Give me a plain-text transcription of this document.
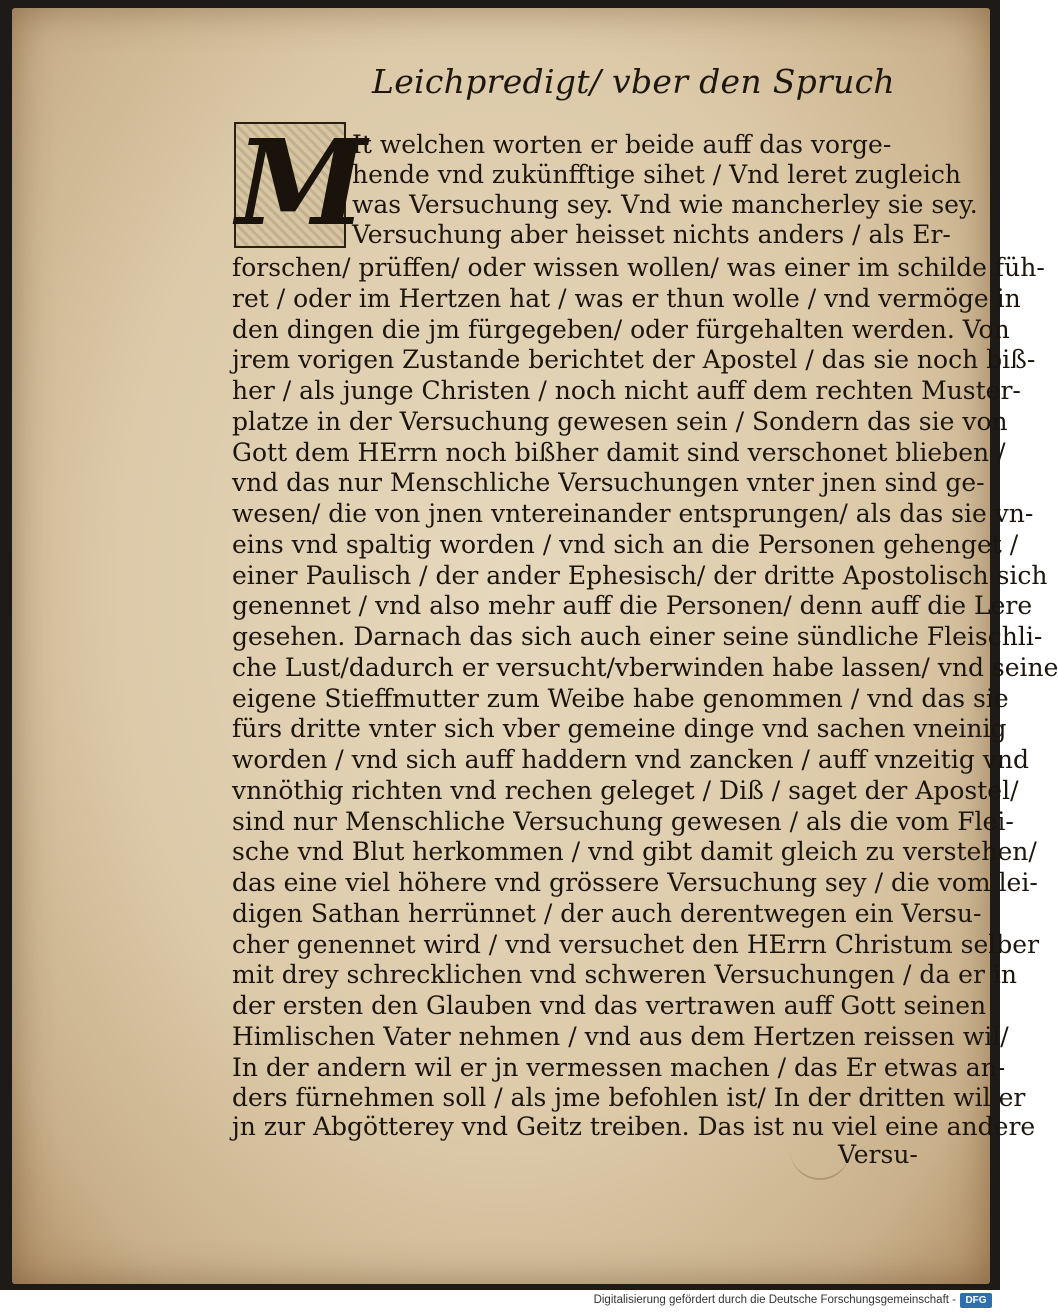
Leichpredigt/ vber den Spruch
M
It welchen worten er beide auff das vorge-
hende vnd zukünfftige sihet / Vnd leret zugleich
was Versuchung sey. Vnd wie mancherley sie sey.
Versuchung aber heisset nichts anders / als Er-
forschen/ prüffen/ oder wissen wollen/ was einer im schilde füh-
ret / oder im Hertzen hat / was er thun wolle / vnd vermöge in
den dingen die jm fürgegeben/ oder fürgehalten werden. Von
jrem vorigen Zustande berichtet der Apostel / das sie noch biß-
her / als junge Christen / noch nicht auff dem rechten Muster-
platze in der Versuchung gewesen sein / Sondern das sie von
Gott dem HErrn noch bißher damit sind verschonet blieben /
vnd das nur Menschliche Versuchungen vnter jnen sind ge-
wesen/ die von jnen vntereinander entsprungen/ als das sie vn-
eins vnd spaltig worden / vnd sich an die Personen gehenget /
einer Paulisch / der ander Ephesisch/ der dritte Apostolisch sich
genennet / vnd also mehr auff die Personen/ denn auff die Lere
gesehen. Darnach das sich auch einer seine sündliche Fleischli-
che Lust/dadurch er versucht/vberwinden habe lassen/ vnd seine
eigene Stieffmutter zum Weibe habe genommen / vnd das sie
fürs dritte vnter sich vber gemeine dinge vnd sachen vneinig
worden / vnd sich auff haddern vnd zancken / auff vnzeitig vnd
vnnöthig richten vnd rechen geleget / Diß / saget der Apostel/
sind nur Menschliche Versuchung gewesen / als die vom Flei-
sche vnd Blut herkommen / vnd gibt damit gleich zu verstehen/
das eine viel höhere vnd grössere Versuchung sey / die vom lei-
digen Sathan herrünnet / der auch derentwegen ein Versu-
cher genennet wird / vnd versuchet den HErrn Christum selber
mit drey schrecklichen vnd schweren Versuchungen / da er in
der ersten den Glauben vnd das vertrawen auff Gott seinen
Himlischen Vater nehmen / vnd aus dem Hertzen reissen wil/
In der andern wil er jn vermessen machen / das Er etwas an-
ders fürnehmen soll / als jme befohlen ist/ In der dritten wil er
jn zur Abgötterey vnd Geitz treiben. Das ist nu viel eine andere
Versu-
Digitalisierung gefördert durch die Deutsche Forschungsgemeinschaft - DFG
